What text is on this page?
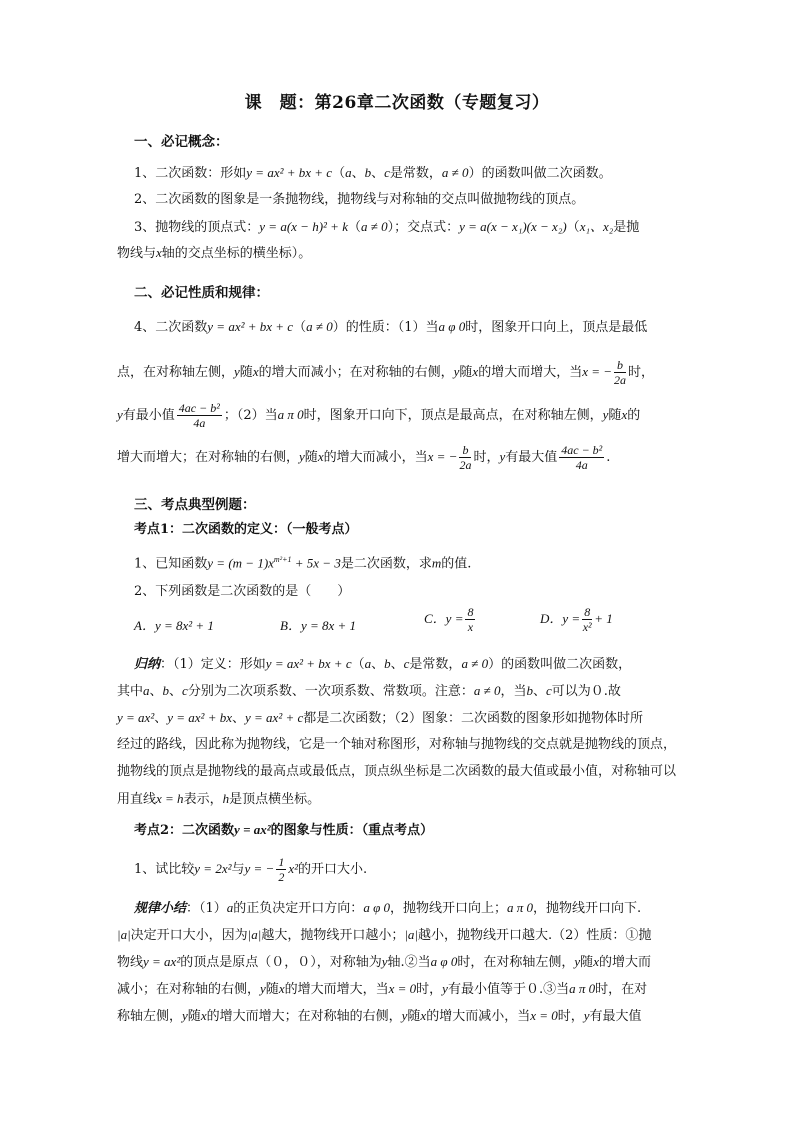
课　题：第26章二次函数（专题复习）
一、必记概念：
1、二次函数：形如y = ax² + bx + c（a、b、c是常数，a ≠ 0）的函数叫做二次函数。
2、二次函数的图象是一条抛物线，抛物线与对称轴的交点叫做抛物线的顶点。
3、抛物线的顶点式：y = a(x − h)² + k（a ≠ 0）；交点式：y = a(x − x₁)(x − x₂)（x₁、x₂是抛
物线与x轴的交点坐标的横坐标）。
二、必记性质和规律：
4、二次函数y = ax² + bx + c（a ≠ 0）的性质：（1）当a φ 0时，图象开口向上，顶点是最低
点，在对称轴左侧，y随x的增大而减小；在对称轴的右侧，y随x的增大而增大，当x = − $\frac{b}{2a}$ 时，
y有最小值 $\frac{\text{4ac − b²}}{4a}$ ；（2）当a π 0时，图象开口向下，顶点是最高点，在对称轴左侧，y随x的
增大而增大；在对称轴的右侧，y随x的增大而减小，当x = − $\frac{b}{2a}$ 时，y有最大值 $\frac{\text{4ac − b²}}{4a}$ .
三、考点典型例题：
考点1：二次函数的定义：（一般考点）
1、已知函数$y = (m - 1)x^{m^2+1} + 5x - 3$是二次函数，求m的值.
2、下列函数是二次函数的是（　　）
A．y = 8x² + 1	B．y = 8x + 1	C．$y = \frac{8}{x}$	D．$y = \frac{8}{\text{x²}} + 1$
归纳：（1）定义：形如y = ax² + bx + c（a、b、c是常数，a ≠ 0）的函数叫做二次函数，
其中a、b、c分别为二次项系数、一次项系数、常数项。注意：a ≠ 0，当b、c可以为０.故
y = ax²、y = ax² + bx、y = ax² + c都是二次函数；（2）图象：二次函数的图象形如抛物体时所
经过的路线，因此称为抛物线，它是一个轴对称图形，对称轴与抛物线的交点就是抛物线的顶点，
抛物线的顶点是抛物线的最高点或最低点，顶点纵坐标是二次函数的最大值或最小值，对称轴可以
用直线x = h表示，h是顶点横坐标。
考点2：二次函数y = ax²的图象与性质：（重点考点）
1、试比较y = 2x²与y = − $\frac{1}{2} x^2$的开口大小.
规律小结：（1）a的正负决定开口方向：a φ 0，抛物线开口向上；a π 0，抛物线开口向下.
|a|决定开口大小，因为|a|越大，抛物线开口越小；|a|越小，抛物线开口越大.（2）性质：①抛
物线y = ax²的顶点是原点（０，０），对称轴为y轴.②当a φ 0时，在对称轴左侧，y随x的增大而
减小；在对称轴的右侧，y随x的增大而增大，当x = 0时，y有最小值等于０.③当a π 0时，在对
称轴左侧，y随x的增大而增大；在对称轴的右侧，y随x的增大而减小，当x = 0时，y有最大值
